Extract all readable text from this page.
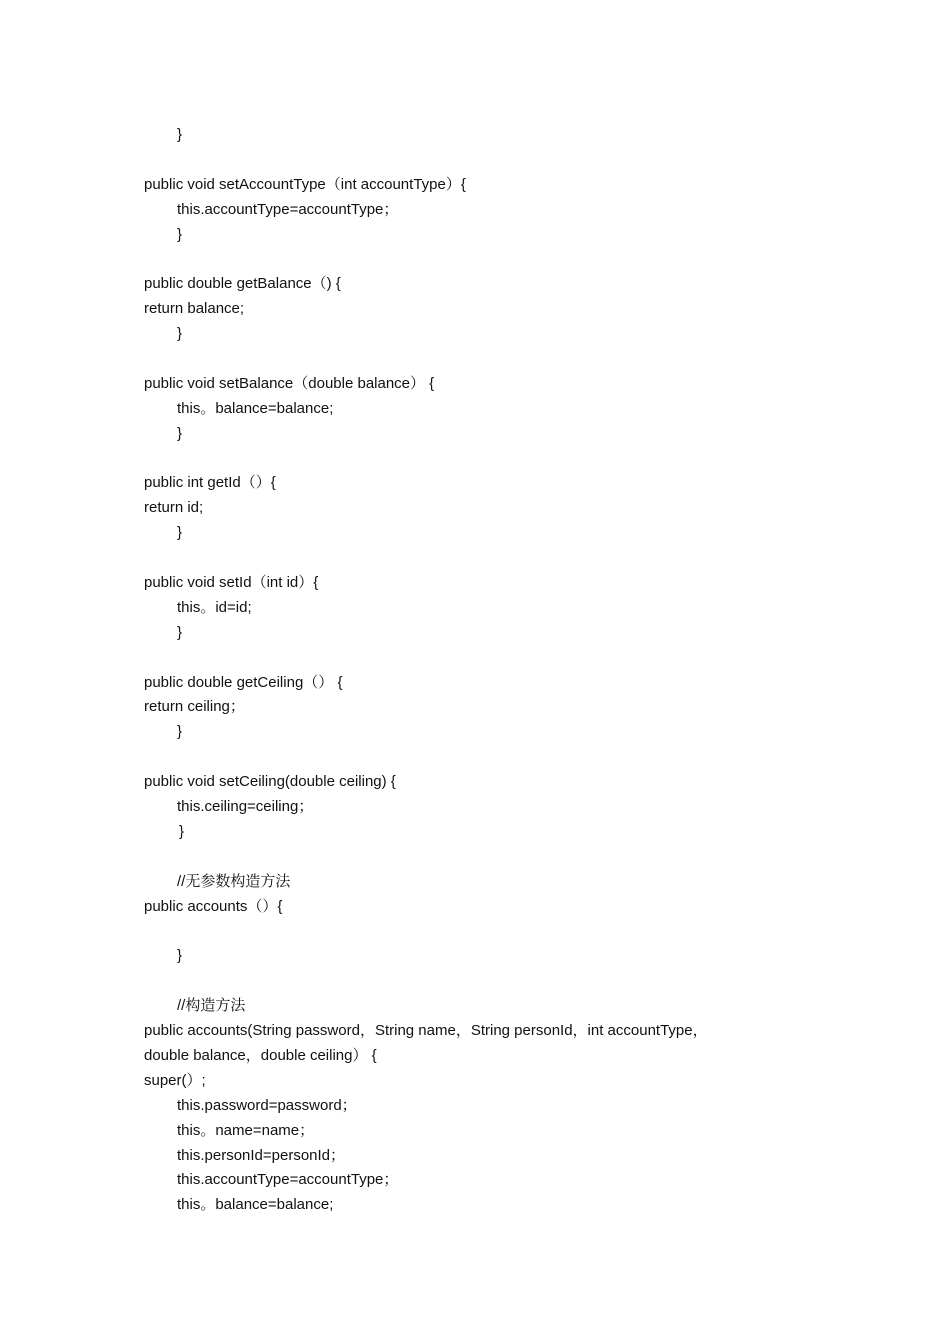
}
public void setAccountType（int accountType）{
this.accountType=accountType；
}
public double getBalance（) {
return balance;
}
public void setBalance（double balance） {
this。balance=balance;
}
public int getId（）{
return id;
}
public void setId（int id）{
this。id=id;
}
public double getCeiling（） {
return ceiling；
}
public void setCeiling(double ceiling) {
this.ceiling=ceiling；
}
//无参数构造方法
public accounts（）{
}
//构造方法
public accounts(String password，String name，String personId，int accountType，
double balance，double ceiling） {
super(）;
this.password=password；
this。name=name；
this.personId=personId；
this.accountType=accountType；
this。balance=balance;
